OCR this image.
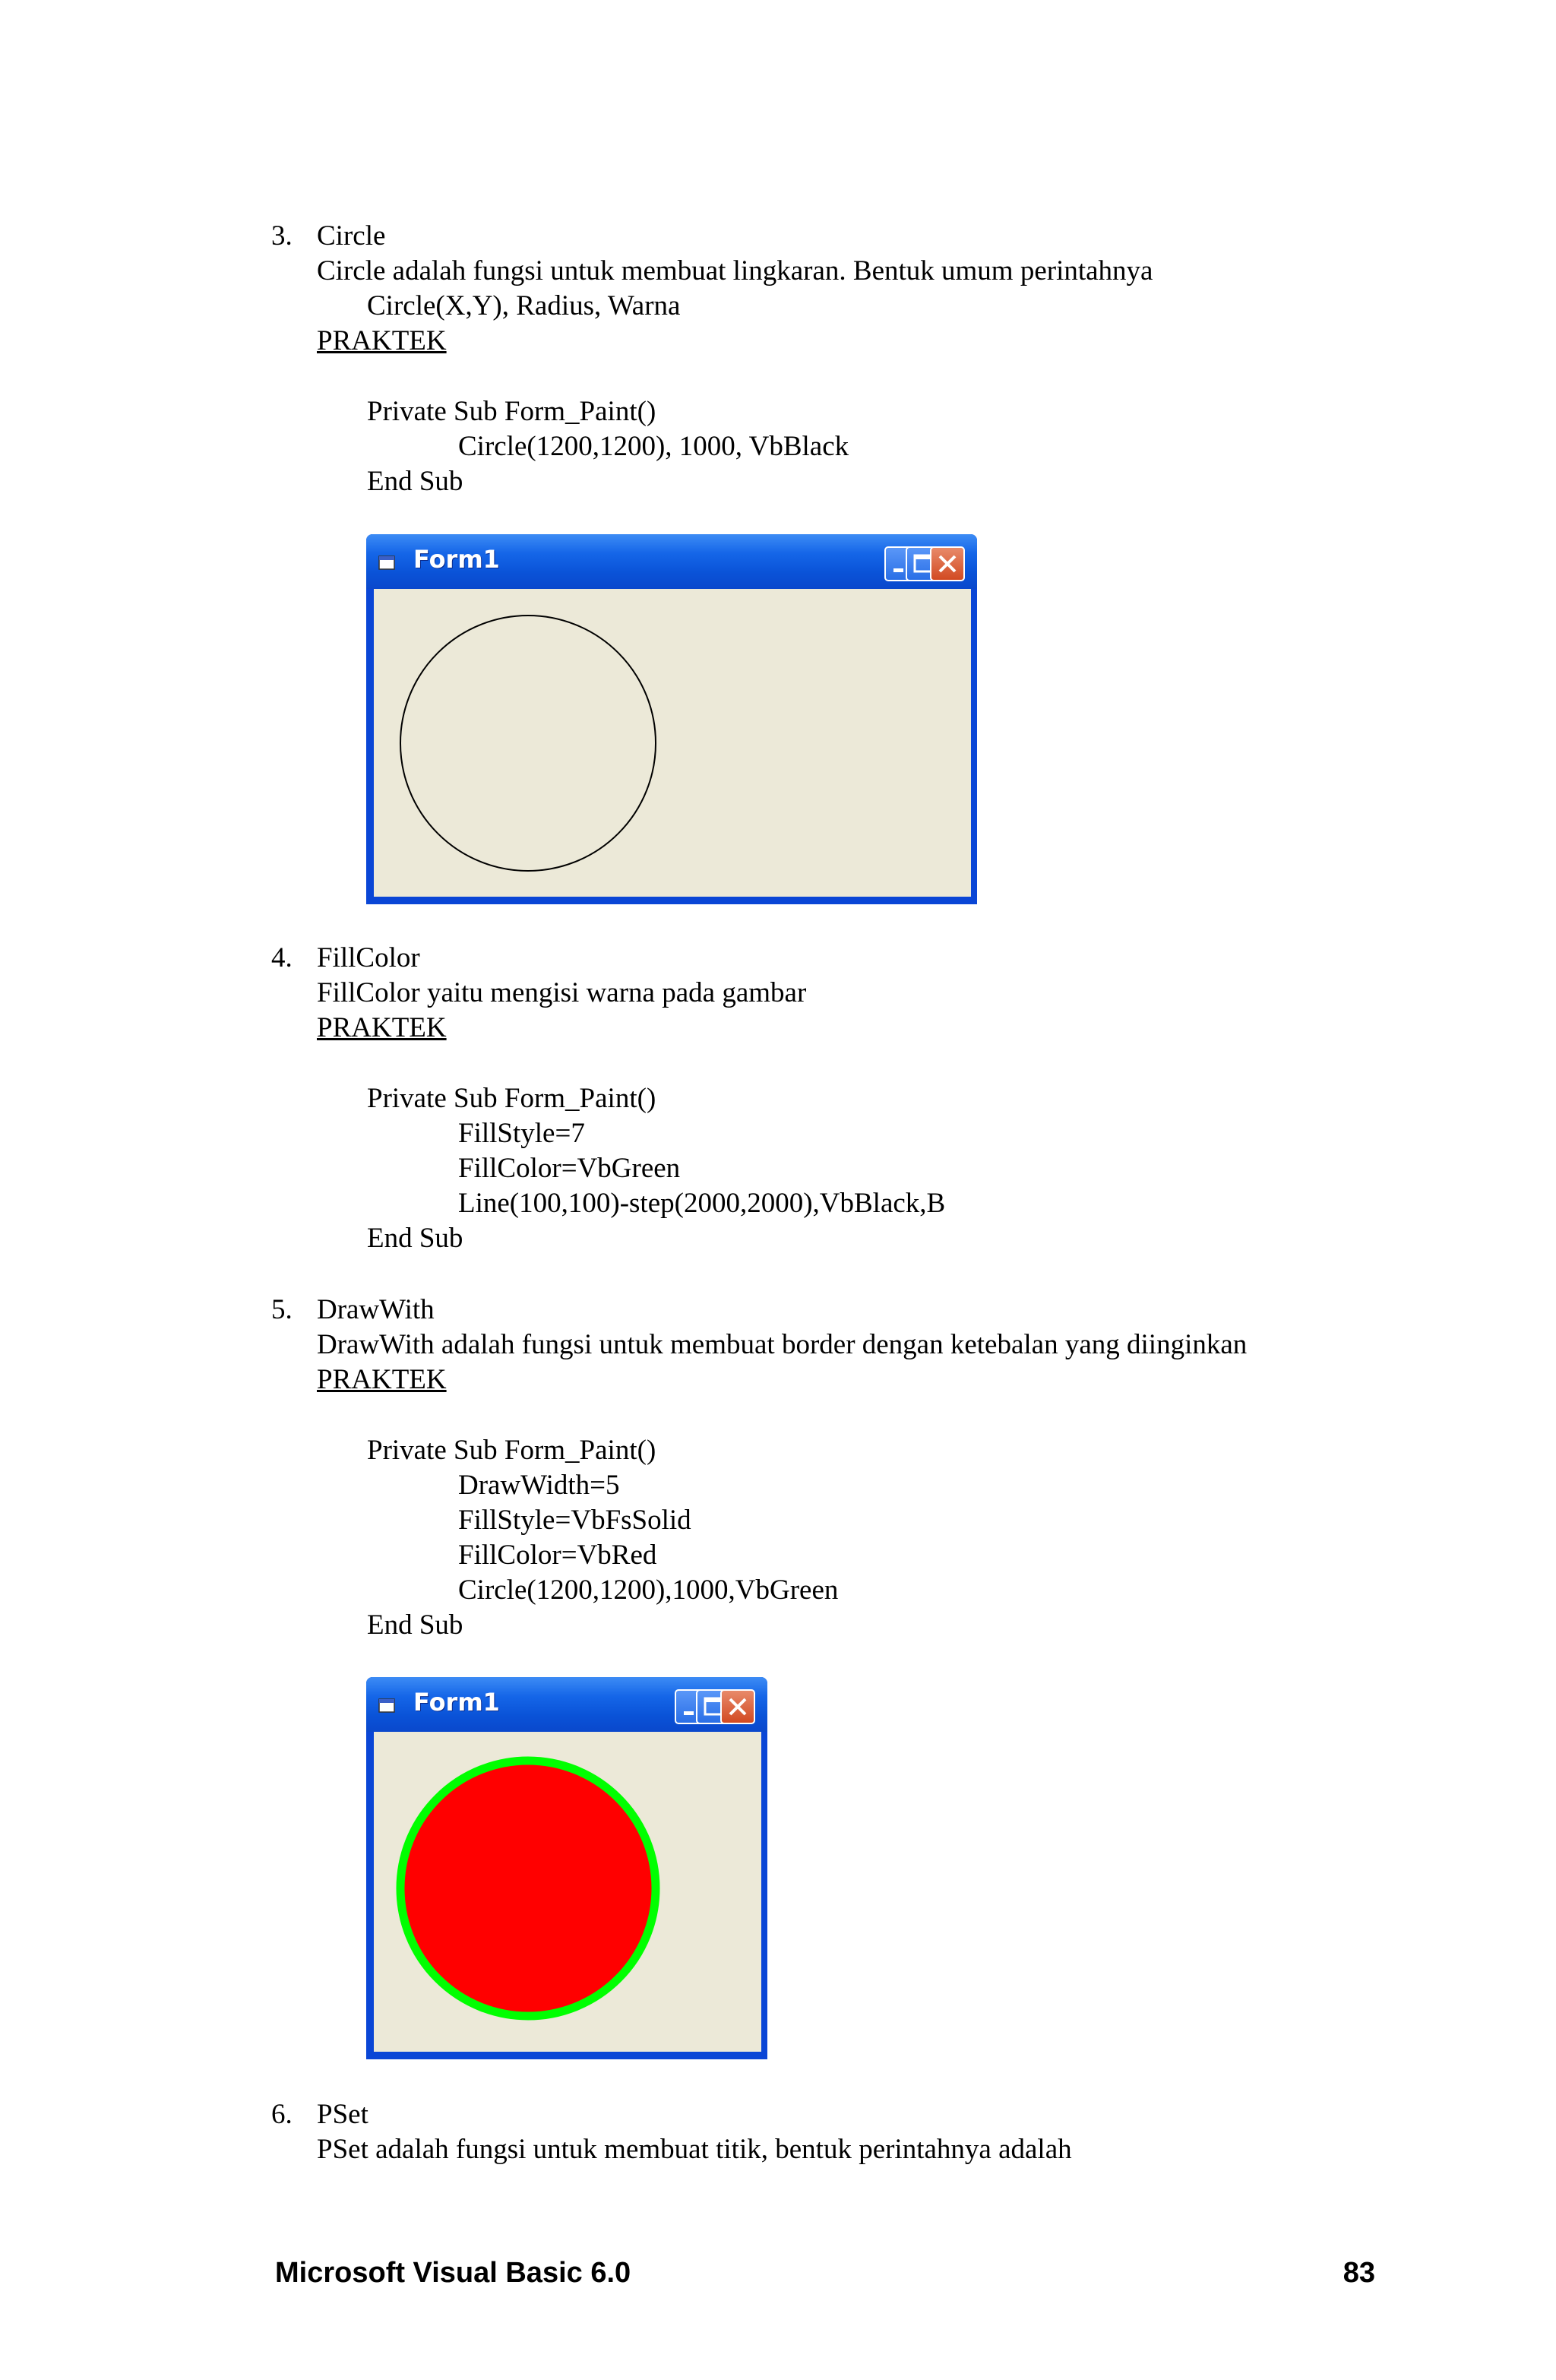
3. Circle
Circle adalah fungsi untuk membuat lingkaran. Bentuk umum perintahnya
Circle(X,Y), Radius, Warna
PRAKTEK
Private Sub Form_Paint()
Circle(1200,1200), 1000, VbBlack
End Sub
Form1
4. FillColor
FillColor yaitu mengisi warna pada gambar
PRAKTEK
Private Sub Form_Paint()
FillStyle=7
FillColor=VbGreen
Line(100,100)-step(2000,2000),VbBlack,B
End Sub
5. DrawWith
DrawWith adalah fungsi untuk membuat border dengan ketebalan yang diinginkan
PRAKTEK
Private Sub Form_Paint()
DrawWidth=5
FillStyle=VbFsSolid
FillColor=VbRed
Circle(1200,1200),1000,VbGreen
End Sub
Form1
6. PSet
PSet adalah fungsi untuk membuat titik, bentuk perintahnya adalah
Microsoft Visual Basic 6.0	83
